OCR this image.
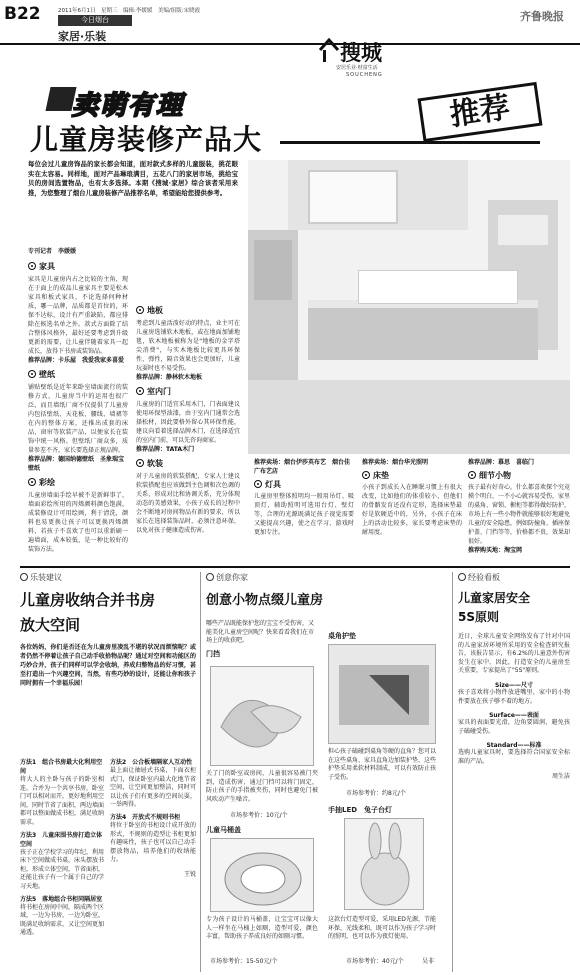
B22	2011年6月1日　星期三　编辑:李媛媛　美编/组版:宋晓霞
今日烟台
家居·乐装
齐鲁晚报
搜城
安居乐业·财富生活
SOUCHENG
卖萌有理	推荐
儿童房装修产品大
每位会过儿童房饰品的家长都会知道，面对款式多样的儿童服装，挑花眼实在太容易。同样地，面对产品琳琅满目，五花八门的家居市场，挑给宝贝的房间选置物品，也有太多选择。本期《搜城·家居》综合该者采用来推，为您整理了烟台儿童房装修产品推荐名单，希望能给您提供参考。
专刊记者　李媛媛
家具
家具是儿童房内占之比较的主角，现在于面上的成品儿童家具主要是松木家具和板式家具，不论选择何种材质，哪一品牌，品质都是首位的，环保不达标，设计有严重缺陷，都应排除在候选名单之外。款式方面除了结合整体风格外，最好还要考虑到升级更新的需要，让儿童伴随着家具一起成长，放得下书房或装饰品。
推荐品牌：卡乐屋　我爱我家多喜爱
壁纸
铺贴壁纸是近年来卧室墙面流行的装修方式，儿童房当中的运用也很广泛，而且墙纸厂商不仅提供了儿童房内包括壁纸、天花板、腰线、墙裙等在内的整体方案，还推出成套的床品、窗帘等软装产品，以便家长在装饰中统一风格。但壁纸厂商众多，质量参差不齐，家长要选择正规品牌。
推荐品牌：德国纳德壁纸　圣象瑞宝壁纸
彩绘
儿童房墙面手绘早被不是新鲜事了，墙面彩绘所用的丙烯颜料颜色饱满，成装修设计可用绘画，利于清洗，颜料也易更换让孩子可以更换丙烯颜料，若孩子不喜欢了也可以重新刷一遍墙面，成本较低，是一种比较好的装饰方法。
地板
考虑到儿童活泼好动的特点，业主可在儿童房选铺软木地板，或在地面加铺地毯，软木地板被称为是"地板的金字塔尖消费"，与实木地板比较更具环保性、弹性，隔音效果也会更加好，儿童玩耍时也不易受伤。
推荐品牌：静林软木地板
室内门
儿童房的门适宜采用木门，门表面建议使用环保型油漆，由于室内门通常会选择松材，因此要格外留心其环保性能，建议向看着选择品牌木门，在选择适宜的室内门前，可以先咨询商家。
推荐品牌：TATA木门
软装
对于儿童房的软装搭配，专家人士建议软装搭配也应该做到主色调和次色调的关系，形成对比和协调关系，充分体现动态的美感效果，小孩子成长的过程中会不断地对房间物品有新的要求，所以家长在选择装饰品时，必须注意环保，以免对孩子健康造成伤害。
推荐卖场：烟台伊莎英布艺　烟台佳广布艺店
灯具
儿童房里整体照明均一般用吊灯、吸顶灯，辅助照明可选用台灯、壁灯等，合理的光源既满足孩子视觉需要又能提高兴趣，使之在学习、游戏时更加专注。
推荐卖场：烟台华光照明
床垫
小孩子到成长入在睡眠习惯上有很大改变，比如他们的体重较小，但他们的骨骼发育还没有定形，选择床垫最好是软硬适中的，另外，小孩子在床上的活动比较多，家长要考虑床垫的耐用度。
推荐品牌：慕思　喜临门
细节小物
孩子最有好奇心，什么都喜欢探个究竟摸个明白，一不小心就容易受伤，家里的桌角、窗锁、橱柜等都得做好防护，市场上有一些小物件就能够很好地避免儿童的安全隐患，例如防撞角、插座保护盖、门挡等等，价格都不贵，效果却很好。
推荐购买地：淘宝网
乐装建议
儿童房收纳合并书房
放大空间
各位妈妈，你们是否还在为儿童房里凌乱不堪的状况而烦恼呢？或者仍然不停着让孩子自己动手收拾物品呢？通过对空间和功能区的巧妙合并，孩子们同样可以学会收纳，养成归整物品的好习惯，甚至打造出一个兴趣空间，当然，有些巧妙的设计，还能让你和孩子同时拥有一个幸福乐园！
方法1　组合书房最大化利用空间
将大人的主卧与孩子的卧室相连，合并为一个共享书房，卧室门可以相对而开，更好地利用空间，同时节省了面积，两边墙面都可以整面做成书柜，满足收纳需求。
方法3　儿童床围书房打造立体空间
孩子正在学校学习的年纪，利用床下空间做成书桌，床头摆放书柜，形成立体空间，节省面积，还能让孩子有一个属于自己的学习天地。
方法5　落地组合书柜同隔居室
将书柜在房间中间，隔成两个区域，一边为书房，一边为卧室，既满足收纳需求，又让空间更加通透。
方法2　公合板墙隔家人互动性
最上面让抽屉式书桌，下面衣柜式门，保证卧室内最大化地节省空间，让空间更加整洁，同时可以让孩子们有更多的空间玩耍，一举两得。
方法4　开放式不规则书柜
将位于卧室的书柜设计成开放的形式，不规则的造型让书柜更加有趣味性，孩子也可以自己动手摆放物品，培养他们的收纳能力。
王锐
创意你家
创意小物点缀儿童房
哪些产品既能保护您的宝宝不受伤害，又能美化儿童房空间呢？快来看看我们在市场上的收获吧。
门挡
关了门的卧室或房间，儿童很容易被门夹到，造成伤害，通过门挡可以将门固定，防止孩子的手指被夹伤，同时也避免门被风吹动产生噪音。
市场参考价：10元/个
儿童马桶盖
专为孩子设计的马桶盖，让宝宝可以像大人一样坐在马桶上如厕，造型可爱，颜色丰富，帮助孩子养成良好的如厕习惯。
市场参考价：15-50元/个
桌角护垫
担心孩子磕碰到桌角等硬的直角？您可以在这些桌角、家具直角边加装护垫，这些护垫采用柔软材料制成，可以有效防止孩子受伤。
市场参考价：约8元/个
手抽LED　兔子台灯
这款台灯造型可爱，采用LED光源，节能环保，光线柔和，既可以作为孩子学习时的照明，也可以作为夜灯使用。
市场参考价：40元/个	吴非
经验看板
儿童家居安全
5S原则
近日，全球儿童安全网络发布了针对中国的儿童家居环境所采用的安全检查研究报告，该报告显示，有6.2%的儿童意外伤害发生在家中，因此，打造安全的儿童房至关重要，专家提出了"5S"原则。
Size——尺寸
孩子喜欢将小物件放进嘴里，家中的小物件要放在孩子够不着的地方。
Surface——表面
家具的表面要光滑，边角要圆润，避免孩子磕碰受伤。
Standard——标准
选购儿童家具时，要选择符合国家安全标准的产品。
周生洁
